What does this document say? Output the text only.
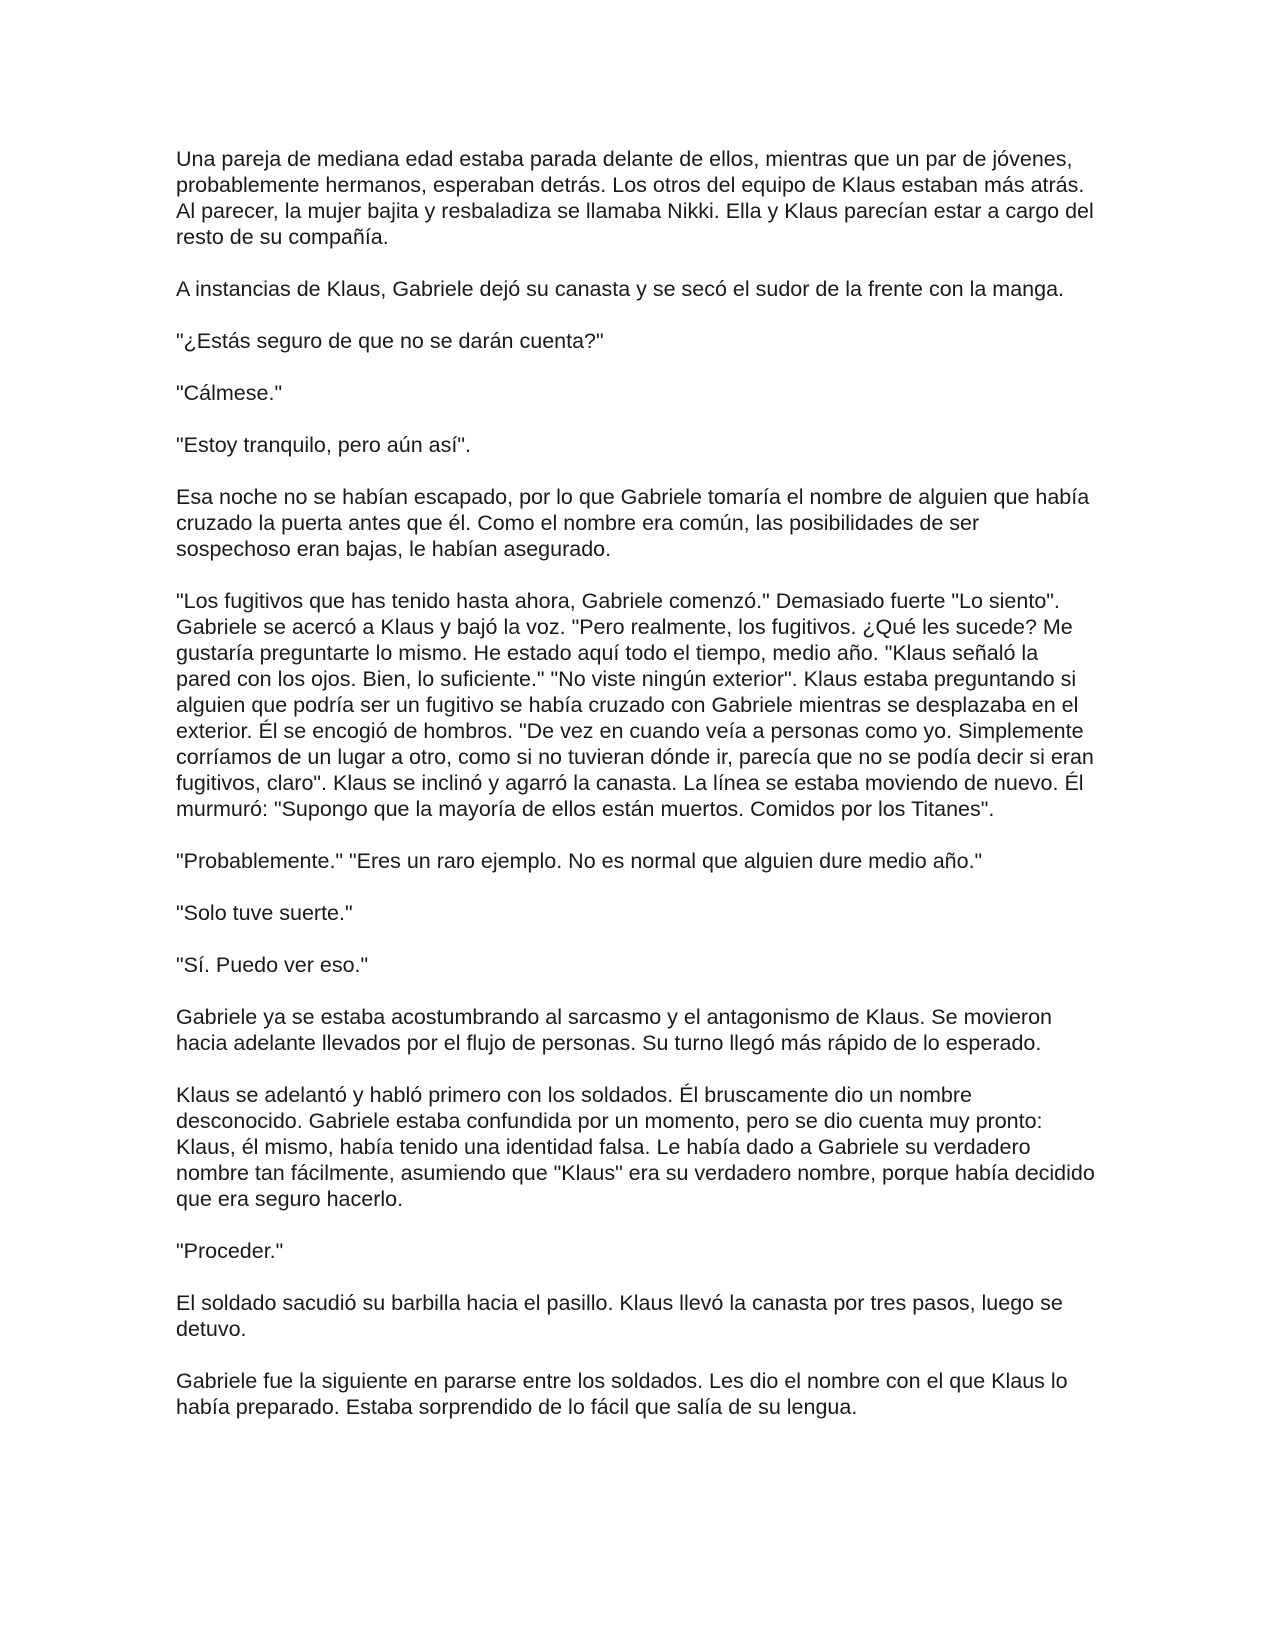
Una pareja de mediana edad estaba parada delante de ellos, mientras que un par de jóvenes, probablemente hermanos, esperaban detrás. Los otros del equipo de Klaus estaban más atrás. Al parecer, la mujer bajita y resbaladiza se llamaba Nikki. Ella y Klaus parecían estar a cargo del resto de su compañía.

A instancias de Klaus, Gabriele dejó su canasta y se secó el sudor de la frente con la manga.

"¿Estás seguro de que no se darán cuenta?"

"Cálmese."

"Estoy tranquilo, pero aún así".

Esa noche no se habían escapado, por lo que Gabriele tomaría el nombre de alguien que había cruzado la puerta antes que él. Como el nombre era común, las posibilidades de ser sospechoso eran bajas, le habían asegurado.

"Los fugitivos que has tenido hasta ahora, Gabriele comenzó." Demasiado fuerte "Lo siento". Gabriele se acercó a Klaus y bajó la voz. "Pero realmente, los fugitivos. ¿Qué les sucede? Me gustaría preguntarte lo mismo. He estado aquí todo el tiempo, medio año. "Klaus señaló la pared con los ojos. Bien, lo suficiente." "No viste ningún exterior". Klaus estaba preguntando si alguien que podría ser un fugitivo se había cruzado con Gabriele mientras se desplazaba en el exterior. Él se encogió de hombros. "De vez en cuando veía a personas como yo. Simplemente corríamos de un lugar a otro, como si no tuvieran dónde ir, parecía que no se podía decir si eran fugitivos, claro". Klaus se inclinó y agarró la canasta. La línea se estaba moviendo de nuevo. Él murmuró: "Supongo que la mayoría de ellos están muertos. Comidos por los Titanes".

"Probablemente." "Eres un raro ejemplo. No es normal que alguien dure medio año."

"Solo tuve suerte."

"Sí. Puedo ver eso."

Gabriele ya se estaba acostumbrando al sarcasmo y el antagonismo de Klaus. Se movieron hacia adelante llevados por el flujo de personas. Su turno llegó más rápido de lo esperado.

Klaus se adelantó y habló primero con los soldados. Él bruscamente dio un nombre desconocido. Gabriele estaba confundida por un momento, pero se dio cuenta muy pronto: Klaus, él mismo, había tenido una identidad falsa. Le había dado a Gabriele su verdadero nombre tan fácilmente, asumiendo que "Klaus" era su verdadero nombre, porque había decidido que era seguro hacerlo.

"Proceder."

El soldado sacudió su barbilla hacia el pasillo. Klaus llevó la canasta por tres pasos, luego se detuvo.

Gabriele fue la siguiente en pararse entre los soldados. Les dio el nombre con el que Klaus lo había preparado. Estaba sorprendido de lo fácil que salía de su lengua.
